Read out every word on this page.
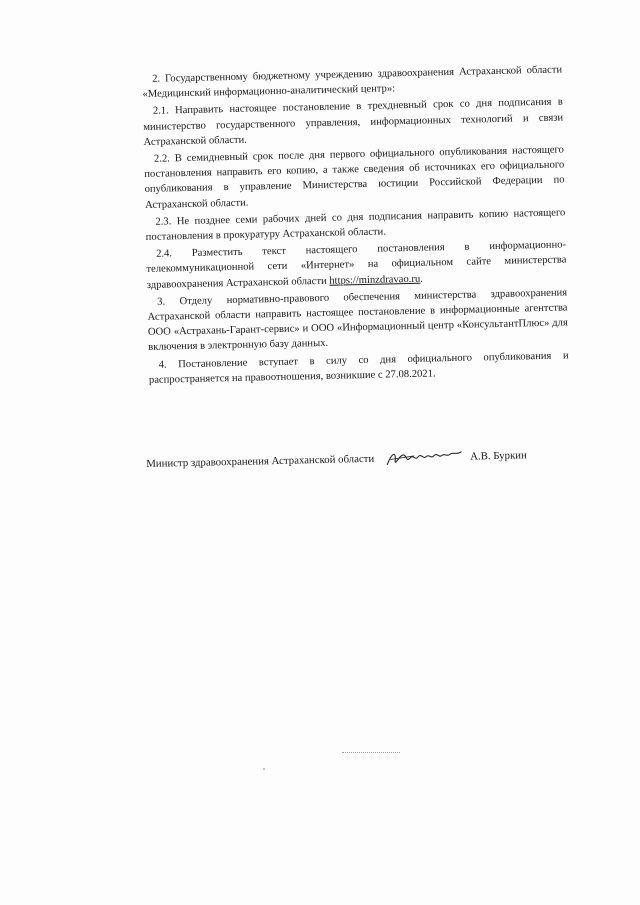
2. Государственному бюджетному учреждению здравоохранения Астраханской области «Медицинский информационно-аналитический центр»:

2.1. Направить настоящее постановление в трехдневный срок со дня подписания в министерство государственного управления, информационных технологий и связи Астраханской области.

2.2. В семидневный срок после дня первого официального опубликования настоящего постановления направить его копию, а также сведения об источниках его официального опубликования в управление Министерства юстиции Российской Федерации по Астраханской области.

2.3. Не позднее семи рабочих дней со дня подписания направить копию настоящего постановления в прокуратуру Астраханской области.

2.4. Разместить текст настоящего постановления в информационно-телекоммуникационной сети «Интернет» на официальном сайте министерства здравоохранения Астраханской области https://minzdravao.ru.

3. Отделу нормативно-правового обеспечения министерства здравоохранения Астраханской области направить настоящее постановление в информационные агентства ООО «Астрахань-Гарант-сервис» и ООО «Информационный центр «КонсультантПлюс» для включения в электронную базу данных.

4. Постановление вступает в силу со дня официального опубликования и распространяется на правоотношения, возникшие с 27.08.2021.

Министр здравоохранения Астраханской области	А.В. Буркин
